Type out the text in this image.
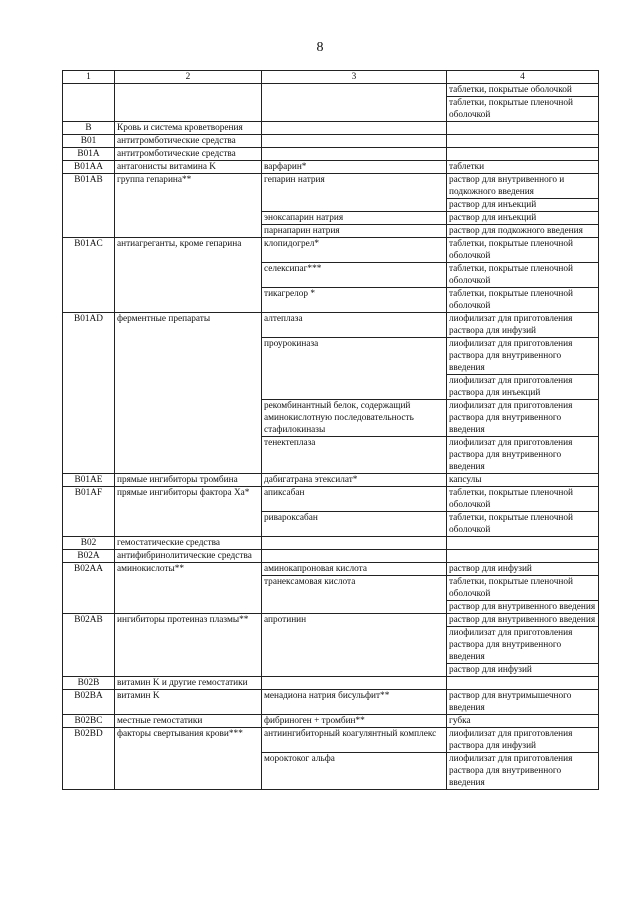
8
1	2	3	4
			таблетки, покрытые оболочкой
			таблетки, покрытые пленочной оболочкой
B	Кровь и система кроветворения		
B01	антитромботические средства		
B01A	антитромботические средства		
B01AA	антагонисты витамина K	варфарин*	таблетки
B01AB	группа гепарина**	гепарин натрия	раствор для внутривенного и подкожного введения
			раствор для инъекций
		эноксапарин натрия	раствор для инъекций
		парнапарин натрия	раствор для подкожного введения
B01AC	антиагреганты, кроме гепарина	клопидогрел*	таблетки, покрытые пленочной оболочкой
		селексипаг***	таблетки, покрытые пленочной оболочкой
		тикагрелор *	таблетки, покрытые пленочной оболочкой
B01AD	ферментные препараты	алтеплаза	лиофилизат для приготовления раствора для инфузий
		проурокиназа	лиофилизат для приготовления раствора для внутривенного введения
			лиофилизат для приготовления раствора для инъекций
		рекомбинантный белок, содержащий аминокислотную последовательность стафилокиназы	лиофилизат для приготовления раствора для внутривенного введения
		тенектеплаза	лиофилизат для приготовления раствора для внутривенного введения
B01AE	прямые ингибиторы тромбина	дабигатрана этексилат*	капсулы
B01AF	прямые ингибиторы фактора Xa*	апиксабан	таблетки, покрытые пленочной оболочкой
		ривароксабан	таблетки, покрытые пленочной оболочкой
B02	гемостатические средства		
B02A	антифибринолитические средства		
B02AA	аминокислоты**	аминокапроновая кислота	раствор для инфузий
		транексамовая кислота	таблетки, покрытые пленочной оболочкой
			раствор для внутривенного введения
B02AB	ингибиторы протеиназ плазмы**	апротинин	раствор для внутривенного введения
			лиофилизат для приготовления раствора для внутривенного введения
			раствор для инфузий
B02B	витамин K и другие гемостатики		
B02BA	витамин K	менадиона натрия бисульфит**	раствор для внутримышечного введения
B02BC	местные гемостатики	фибриноген + тромбин**	губка
B02BD	факторы свертывания крови***	антиингибиторный коагулянтный комплекс	лиофилизат для приготовления раствора для инфузий
		мороктоког альфа	лиофилизат для приготовления раствора для внутривенного введения
